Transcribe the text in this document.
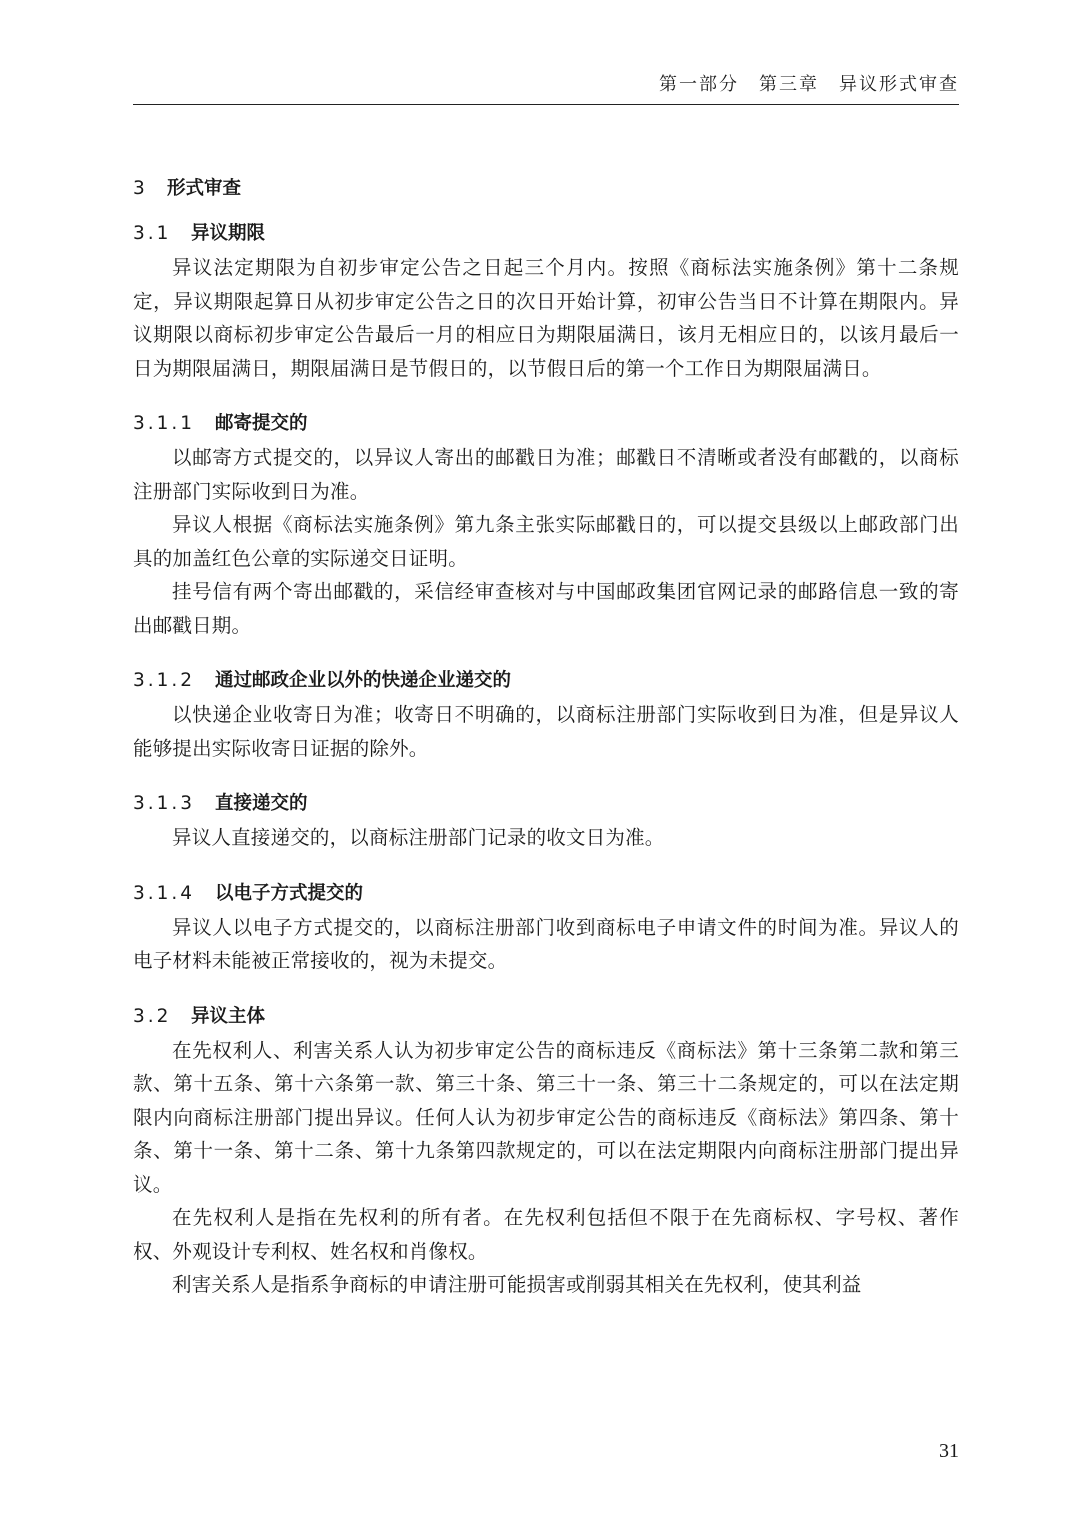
第一部分　第三章　异议形式审查
3 形式审查
3.1 异议期限

异议法定期限为自初步审定公告之日起三个月内。按照《商标法实施条例》第十二条规定，异议期限起算日从初步审定公告之日的次日开始计算，初审公告当日不计算在期限内。异议期限以商标初步审定公告最后一月的相应日为期限届满日，该月无相应日的，以该月最后一日为期限届满日，期限届满日是节假日的，以节假日后的第一个工作日为期限届满日。

3.1.1 邮寄提交的

以邮寄方式提交的，以异议人寄出的邮戳日为准；邮戳日不清晰或者没有邮戳的，以商标注册部门实际收到日为准。

异议人根据《商标法实施条例》第九条主张实际邮戳日的，可以提交县级以上邮政部门出具的加盖红色公章的实际递交日证明。

挂号信有两个寄出邮戳的，采信经审查核对与中国邮政集团官网记录的邮路信息一致的寄出邮戳日期。

3.1.2 通过邮政企业以外的快递企业递交的

以快递企业收寄日为准；收寄日不明确的，以商标注册部门实际收到日为准，但是异议人能够提出实际收寄日证据的除外。

3.1.3 直接递交的

异议人直接递交的，以商标注册部门记录的收文日为准。

3.1.4 以电子方式提交的

异议人以电子方式提交的，以商标注册部门收到商标电子申请文件的时间为准。异议人的电子材料未能被正常接收的，视为未提交。

3.2 异议主体

在先权利人、利害关系人认为初步审定公告的商标违反《商标法》第十三条第二款和第三款、第十五条、第十六条第一款、第三十条、第三十一条、第三十二条规定的，可以在法定期限内向商标注册部门提出异议。任何人认为初步审定公告的商标违反《商标法》第四条、第十条、第十一条、第十二条、第十九条第四款规定的，可以在法定期限内向商标注册部门提出异议。

在先权利人是指在先权利的所有者。在先权利包括但不限于在先商标权、字号权、著作权、外观设计专利权、姓名权和肖像权。

利害关系人是指系争商标的申请注册可能损害或削弱其相关在先权利，使其利益

31
